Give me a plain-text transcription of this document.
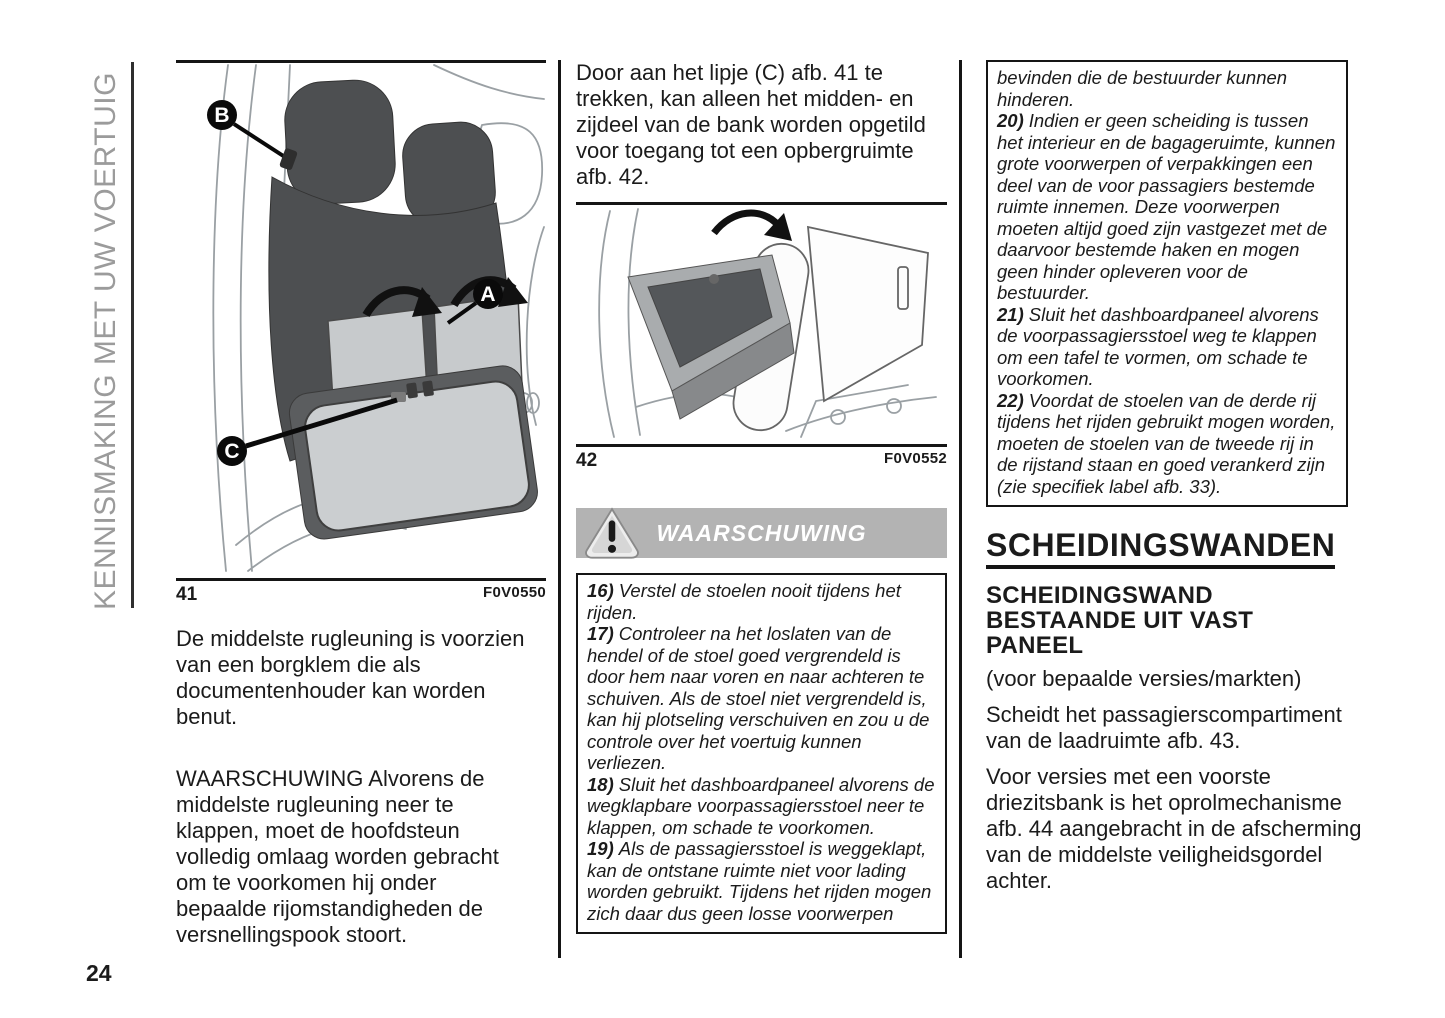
KENNISMAKING MET UW VOERTUIG	B
A
C
41	F0V0550

De middelste rugleuning is voorzien van een borgklem die als documentenhouder kan worden benut.

WAARSCHUWING Alvorens de middelste rugleuning neer te klappen, moet de hoofdsteun volledig omlaag worden gebracht om te voorkomen hij onder bepaalde rijomstandigheden de versnellingspook stoort.

Door aan het lipje (C) afb. 41 te trekken, kan alleen het midden- en zijdeel van de bank worden opgetild voor toegang tot een opbergruimte afb. 42.

42	F0V0552
WAARSCHUWING
16) Verstel de stoelen nooit tijdens het rijden.
17) Controleer na het loslaten van de hendel of de stoel goed vergrendeld is door hem naar voren en naar achteren te schuiven. Als de stoel niet vergrendeld is, kan hij plotseling verschuiven en zou u de controle over het voertuig kunnen verliezen.
18) Sluit het dashboardpaneel alvorens de wegklapbare voorpassagiersstoel neer te klappen, om schade te voorkomen.
19) Als de passagiersstoel is weggeklapt, kan de ontstane ruimte niet voor lading worden gebruikt. Tijdens het rijden mogen zich daar dus geen losse voorwerpen
bevinden die de bestuurder kunnen hinderen.
20) Indien er geen scheiding is tussen het interieur en de bagageruimte, kunnen grote voorwerpen of verpakkingen een deel van de voor passagiers bestemde ruimte innemen. Deze voorwerpen moeten altijd goed zijn vastgezet met de daarvoor bestemde haken en mogen geen hinder opleveren voor de bestuurder.
21) Sluit het dashboardpaneel alvorens de voorpassagiersstoel weg te klappen om een tafel te vormen, om schade te voorkomen.
22) Voordat de stoelen van de derde rij tijdens het rijden gebruikt mogen worden, moeten de stoelen van de tweede rij in de rijstand staan en goed verankerd zijn (zie specifiek label afb. 33).
SCHEIDINGSWANDEN
SCHEIDINGSWAND BESTAANDE UIT VAST PANEEL
(voor bepaalde versies/markten)

Scheidt het passagierscompartiment van de laadruimte afb. 43.

Voor versies met een voorste driezitsbank is het oprolmechanisme afb. 44 aangebracht in de afscherming van de middelste veiligheidsgordel achter.

24
